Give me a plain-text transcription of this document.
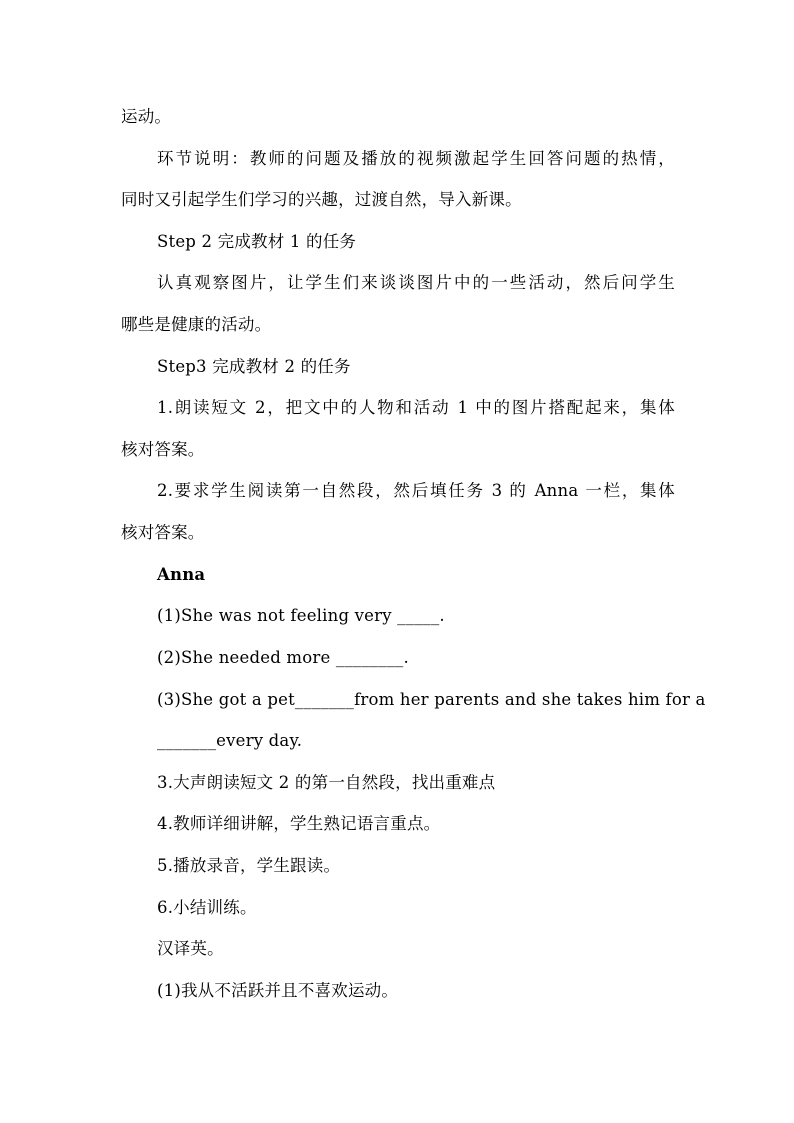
运动。
环节说明：教师的问题及播放的视频激起学生回答问题的热情，
同时又引起学生们学习的兴趣，过渡自然，导入新课。
Step 2 完成教材 1 的任务
认真观察图片，让学生们来谈谈图片中的一些活动，然后问学生
哪些是健康的活动。
Step3 完成教材 2 的任务
1.朗读短文 2，把文中的人物和活动 1 中的图片搭配起来，集体
核对答案。
2.要求学生阅读第一自然段，然后填任务 3 的 Anna 一栏，集体
核对答案。
Anna
(1)She was not feeling very _____.
(2)She needed more ________.
(3)She got a pet_______from her parents and she takes him for a
_______every day.
3.大声朗读短文 2 的第一自然段，找出重难点
4.教师详细讲解，学生熟记语言重点。
5.播放录音，学生跟读。
6.小结训练。
汉译英。
(1)我从不活跃并且不喜欢运动。
